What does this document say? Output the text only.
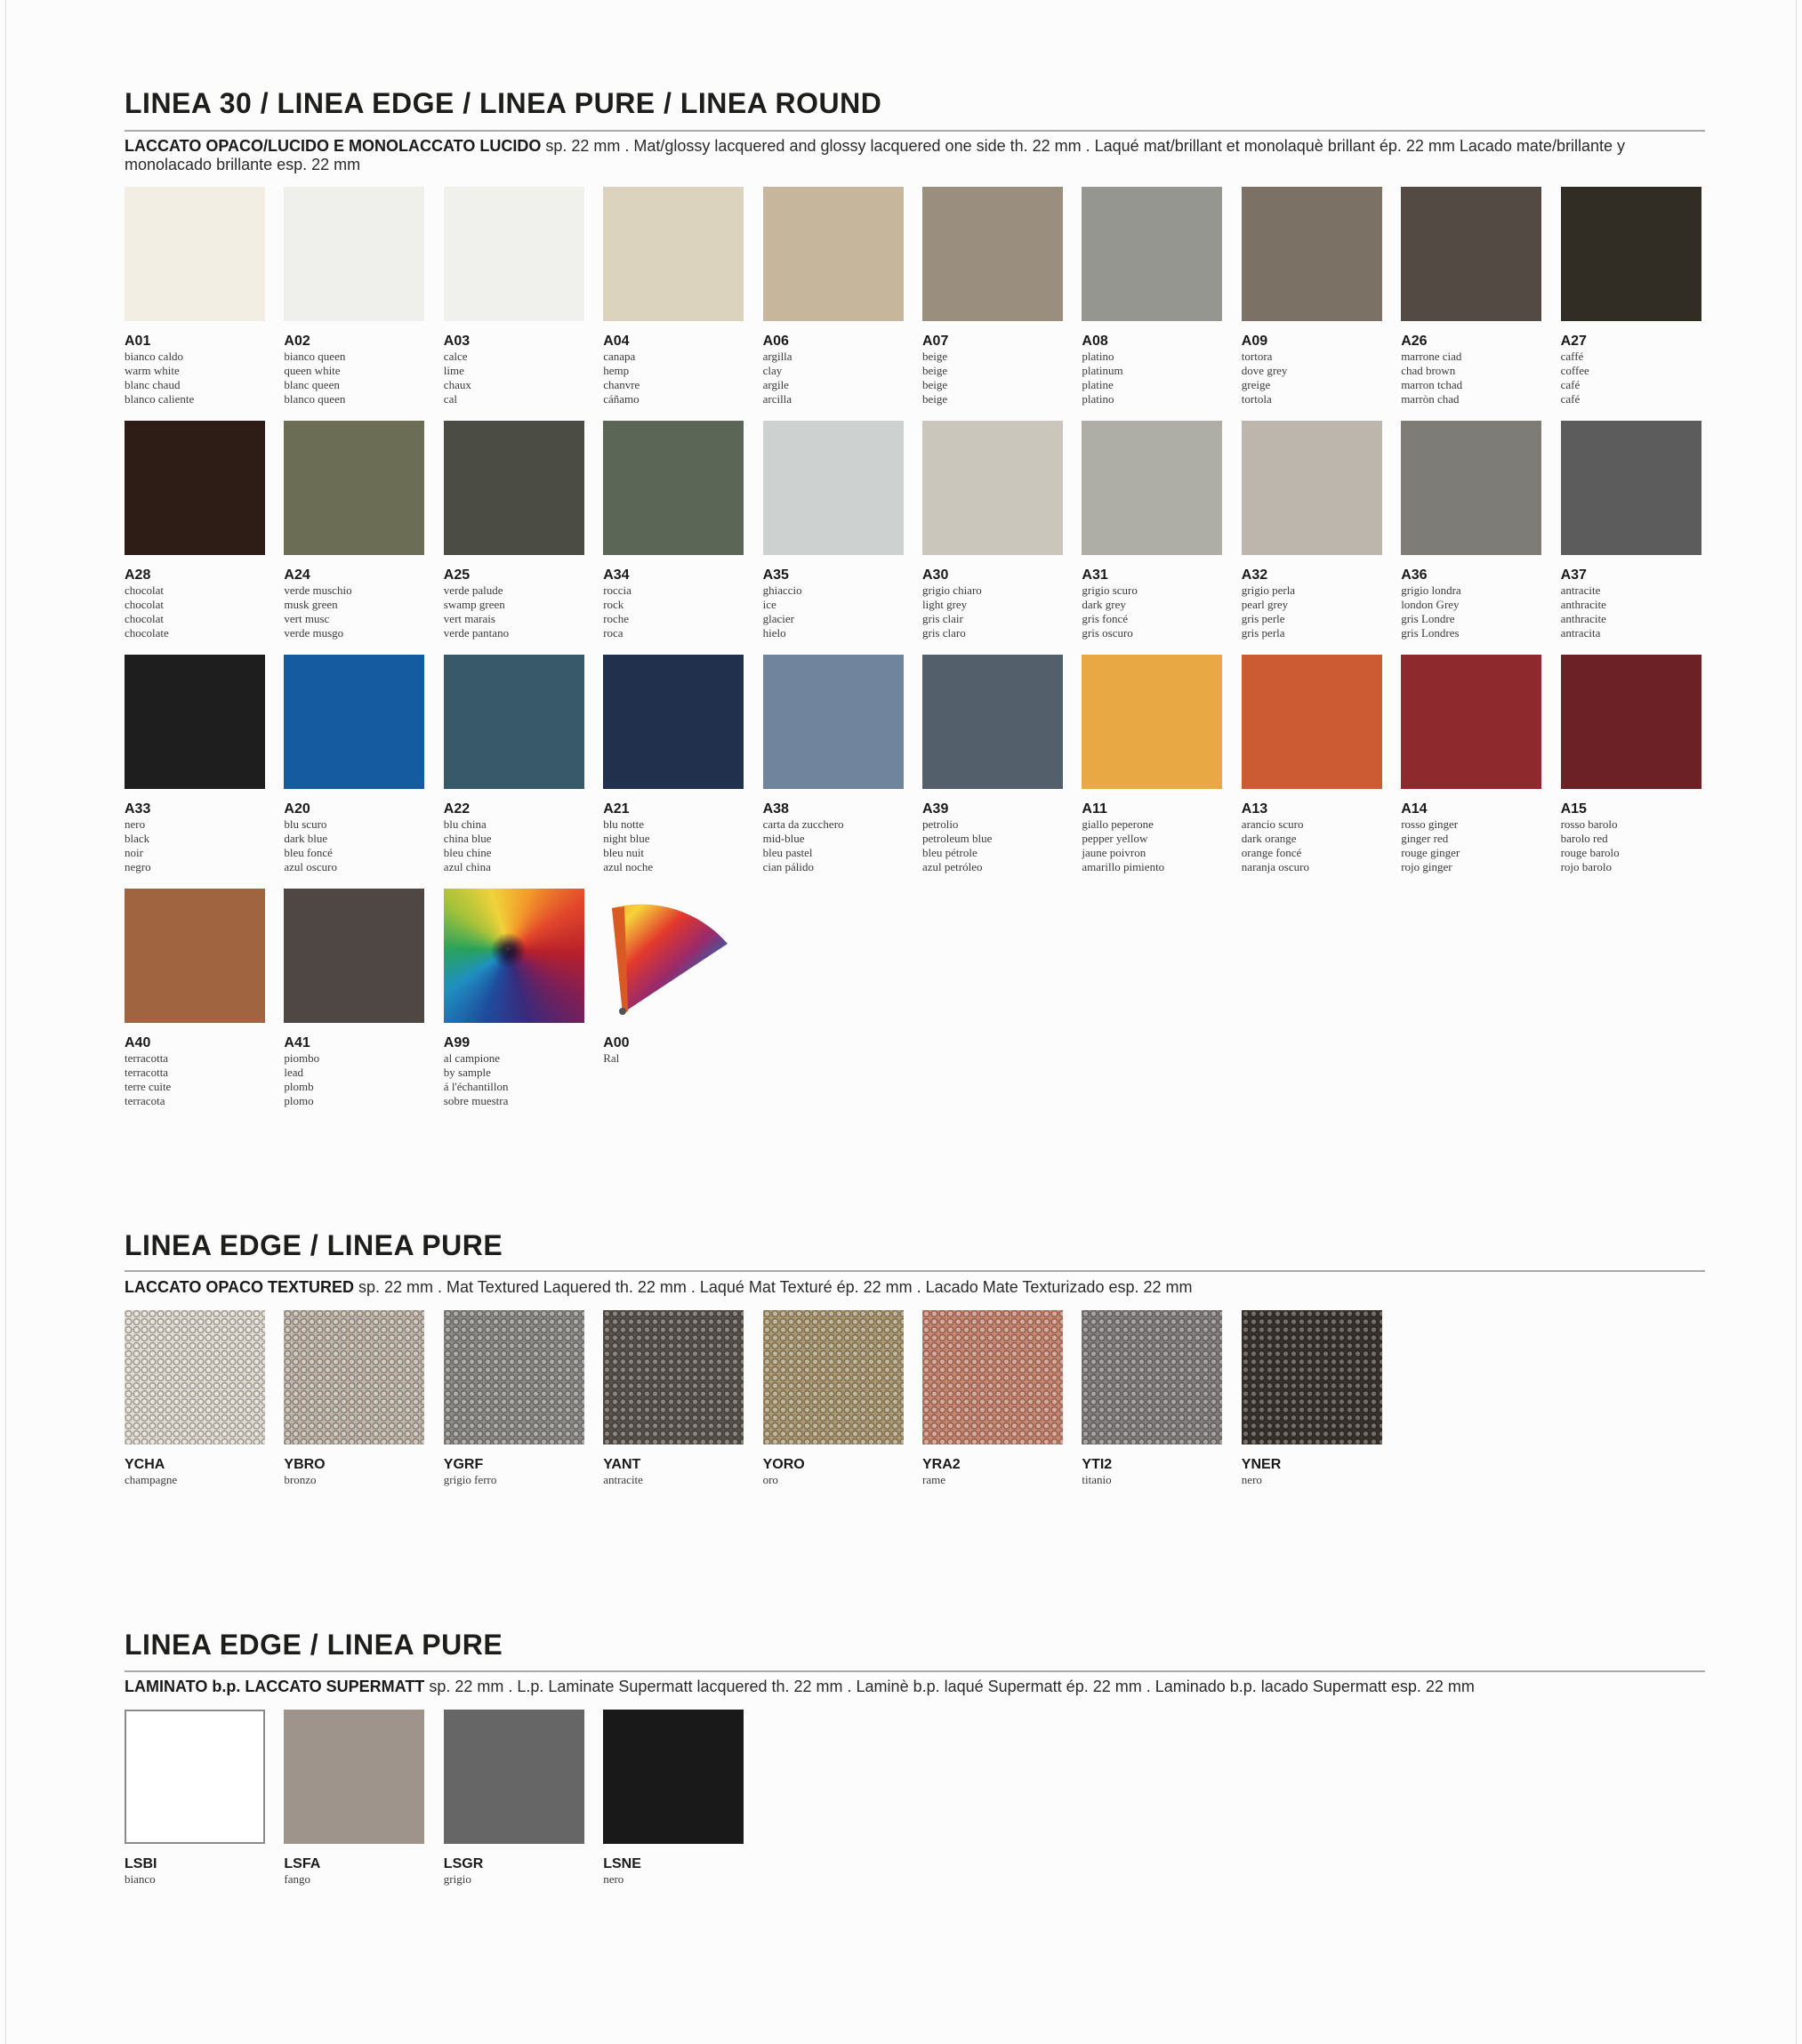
LINEA 30 / LINEA EDGE / LINEA PURE / LINEA ROUND

LACCATO OPACO/LUCIDO E MONOLACCATO LUCIDO sp. 22 mm . Mat/glossy lacquered and glossy lacquered one side th. 22 mm . Laqué mat/brillant et monolaquè brillant ép. 22 mm Lacado mate/brillante y monolacado brillante esp. 22 mm

A01
bianco caldo
warm white
blanc chaud
blanco caliente
A02
bianco queen
queen white
blanc queen
blanco queen
A03
calce
lime
chaux
cal
A04
canapa
hemp
chanvre
cáñamo
A06
argilla
clay
argile
arcilla
A07
beige
beige
beige
beige
A08
platino
platinum
platine
platino
A09
tortora
dove grey
greige
tortola
A26
marrone ciad
chad brown
marron tchad
marròn chad
A27
caffé
coffee
café
café
A28
chocolat
chocolat
chocolat
chocolate
A24
verde muschio
musk green
vert musc
verde musgo
A25
verde palude
swamp green
vert marais
verde pantano
A34
roccia
rock
roche
roca
A35
ghiaccio
ice
glacier
hielo
A30
grigio chiaro
light grey
gris clair
gris claro
A31
grigio scuro
dark grey
gris foncé
gris oscuro
A32
grigio perla
pearl grey
gris perle
gris perla
A36
grigio londra
london Grey
gris Londre
gris Londres
A37
antracite
anthracite
anthracite
antracita
A33
nero
black
noir
negro
A20
blu scuro
dark blue
bleu foncé
azul oscuro
A22
blu china
china blue
bleu chine
azul china
A21
blu notte
night blue
bleu nuit
azul noche
A38
carta da zucchero
mid-blue
bleu pastel
cian pálido
A39
petrolio
petroleum blue
bleu pétrole
azul petróleo
A11
giallo peperone
pepper yellow
jaune poivron
amarillo pimiento
A13
arancio scuro
dark orange
orange foncé
naranja oscuro
A14
rosso ginger
ginger red
rouge ginger
rojo ginger
A15
rosso barolo
barolo red
rouge barolo
rojo barolo
A40
terracotta
terracotta
terre cuite
terracota
A41
piombo
lead
plomb
plomo
A99
al campione
by sample
á l'échantillon
sobre muestra
A00
Ral
LINEA EDGE / LINEA PURE

LACCATO OPACO TEXTURED sp. 22 mm . Mat Textured Laquered th. 22 mm . Laqué Mat Texturé ép. 22 mm . Lacado Mate Texturizado esp. 22 mm

YCHA
champagne
YBRO
bronzo
YGRF
grigio ferro
YANT
antracite
YORO
oro
YRA2
rame
YTI2
titanio
YNER
nero
LINEA EDGE / LINEA PURE

LAMINATO b.p. LACCATO SUPERMATT sp. 22 mm . L.p. Laminate Supermatt lacquered th. 22 mm . Laminè b.p. laqué Supermatt ép. 22 mm . Laminado b.p. lacado Supermatt esp. 22 mm

LSBI
bianco
LSFA
fango
LSGR
grigio
LSNE
nero
